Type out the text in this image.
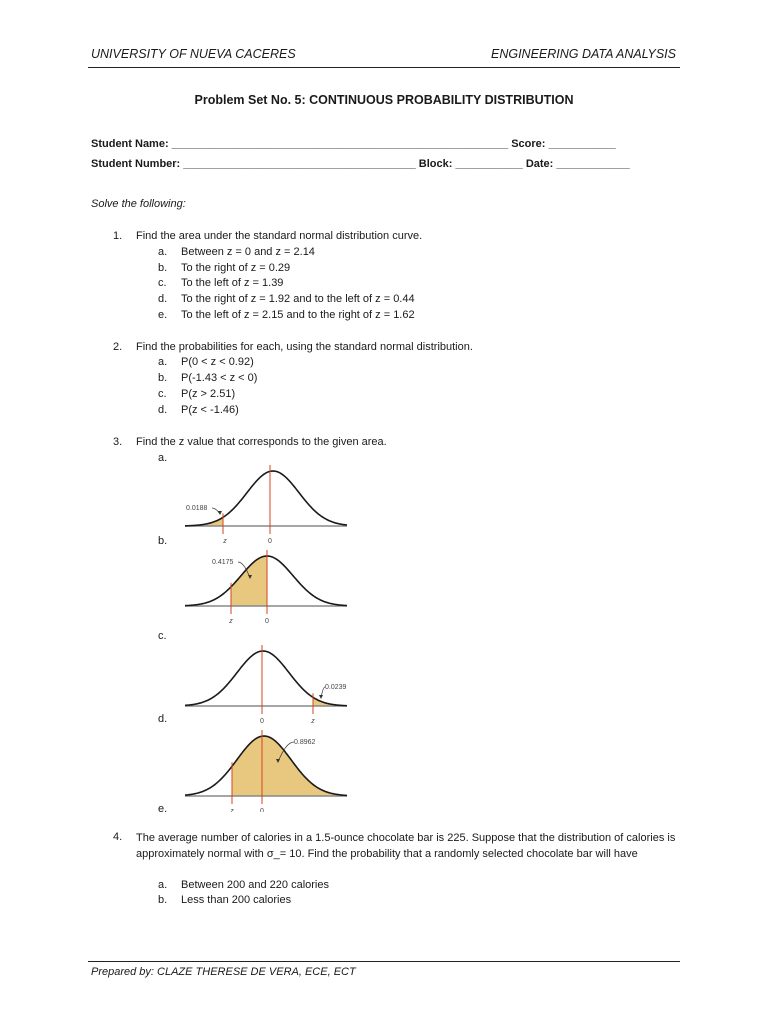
UNIVERSITY OF NUEVA CACERES	ENGINEERING DATA ANALYSIS
Problem Set No. 5: CONTINUOUS PROBABILITY DISTRIBUTION
Student Name: _______________________________________________________ Score: ___________
Student Number: ______________________________________ Block: ___________ Date: ____________
Solve the following:
1. Find the area under the standard normal distribution curve.
a. Between z = 0 and z = 2.14
b. To the right of z = 0.29
c. To the left of z = 1.39
d. To the right of z = 1.92 and to the left of z = 0.44
e. To the left of z = 2.15 and to the right of z = 1.62
2. Find the probabilities for each, using the standard normal distribution.
a. P(0 < z < 0.92)
b. P(-1.43 < z < 0)
c. P(z > 2.51)
d. P(z < -1.46)
3. Find the z value that corresponds to the given area.
a.
b.
c.
d.
e.
0
z
0.0188
0
z
0.4175
0	z
0.0239
0
z
0.8962
4. The average number of calories in a 1.5-ounce chocolate bar is 225. Suppose that the distribution of calories is approximately normal with σ_= 10. Find the probability that a randomly selected chocolate bar will have
a. Between 200 and 220 calories
b. Less than 200 calories
Prepared by: CLAZE THERESE DE VERA, ECE, ECT
